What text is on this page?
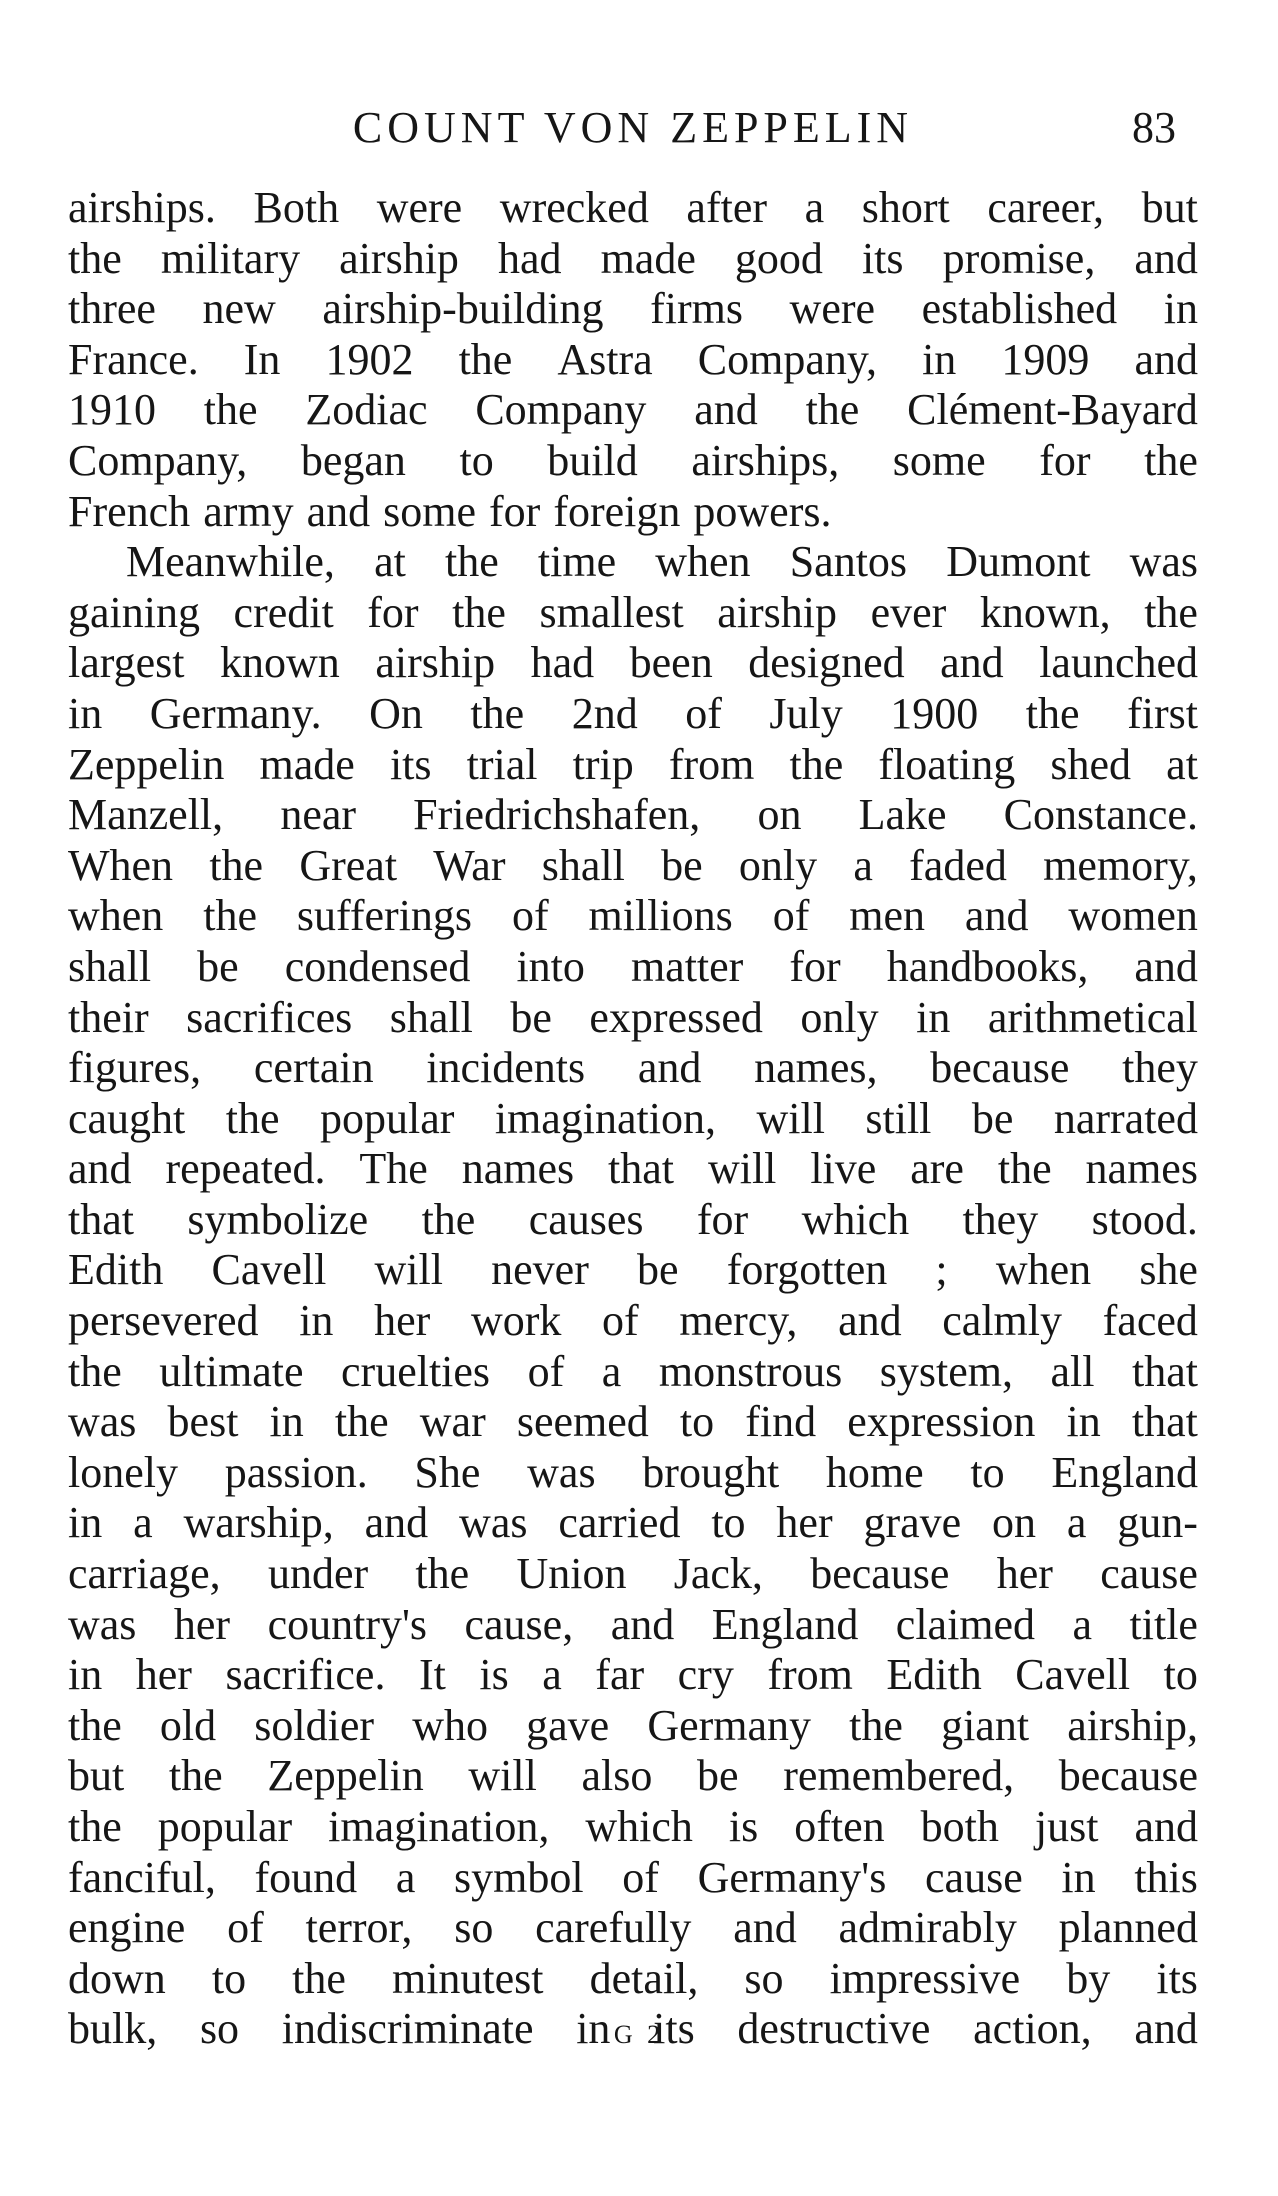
COUNT VON ZEPPELIN	83
airships. Both were wrecked after a short career, but
the military airship had made good its promise, and
three new airship-building firms were established in
France. In 1902 the Astra Company, in 1909 and
1910 the Zodiac Company and the Clément-Bayard
Company, began to build airships, some for the
French army and some for foreign powers.
Meanwhile, at the time when Santos Dumont was
gaining credit for the smallest airship ever known, the
largest known airship had been designed and launched
in Germany. On the 2nd of July 1900 the first
Zeppelin made its trial trip from the floating shed at
Manzell, near Friedrichshafen, on Lake Constance.
When the Great War shall be only a faded memory,
when the sufferings of millions of men and women
shall be condensed into matter for handbooks, and
their sacrifices shall be expressed only in arithmetical
figures, certain incidents and names, because they
caught the popular imagination, will still be narrated
and repeated. The names that will live are the names
that symbolize the causes for which they stood.
Edith Cavell will never be forgotten ; when she
persevered in her work of mercy, and calmly faced
the ultimate cruelties of a monstrous system, all that
was best in the war seemed to find expression in that
lonely passion. She was brought home to England
in a warship, and was carried to her grave on a gun-
carriage, under the Union Jack, because her cause
was her country's cause, and England claimed a title
in her sacrifice. It is a far cry from Edith Cavell to
the old soldier who gave Germany the giant airship,
but the Zeppelin will also be remembered, because
the popular imagination, which is often both just and
fanciful, found a symbol of Germany's cause in this
engine of terror, so carefully and admirably planned
down to the minutest detail, so impressive by its
bulk, so indiscriminate in its destructive action, and
G 2
